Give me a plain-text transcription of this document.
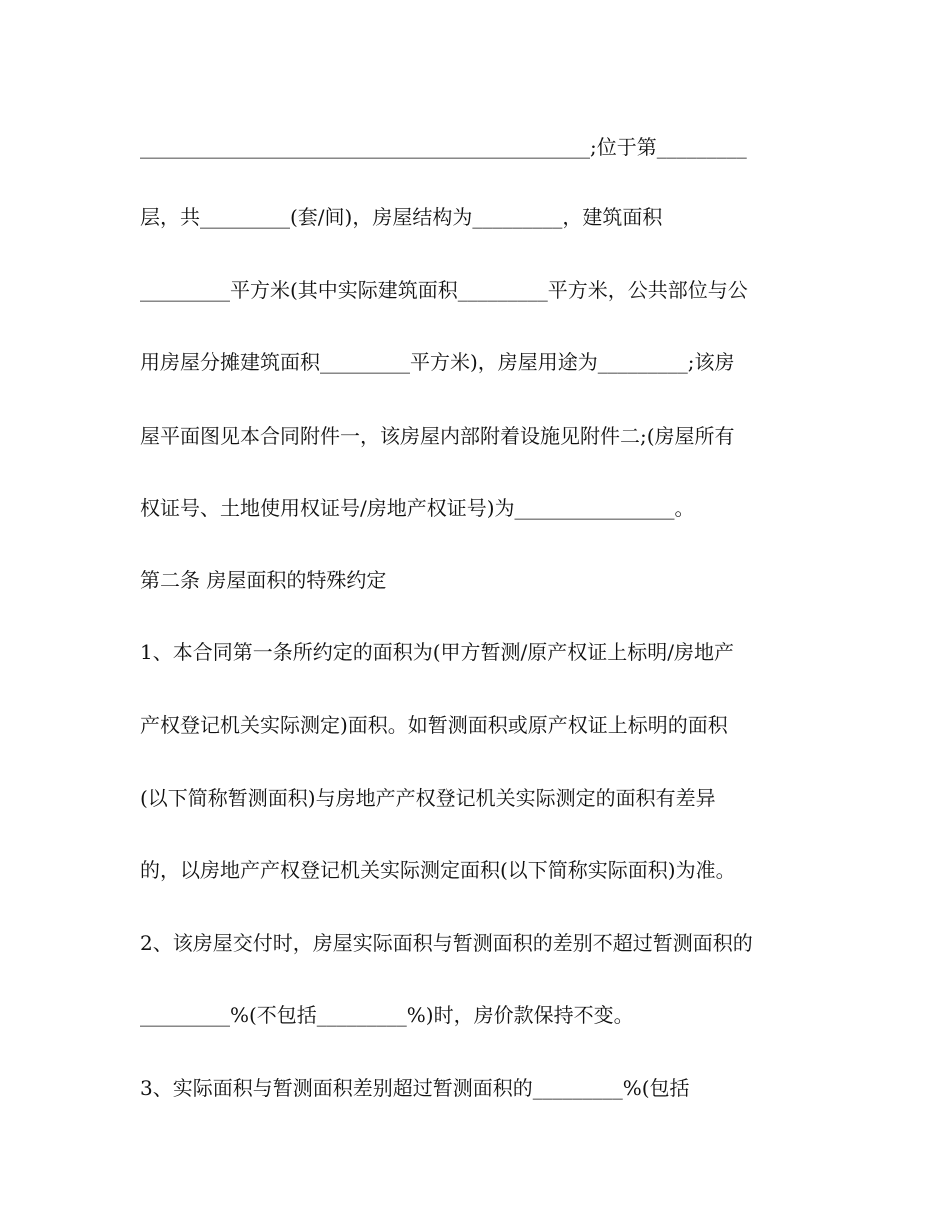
_____________________________________________;位于第_________
层，共_________(套/间)，房屋结构为_________，建筑面积
_________平方米(其中实际建筑面积_________平方米，公共部位与公
用房屋分摊建筑面积_________平方米)，房屋用途为_________;该房
屋平面图见本合同附件一，该房屋内部附着设施见附件二;(房屋所有
权证号、土地使用权证号/房地产权证号)为________________。
第二条 房屋面积的特殊约定
1、本合同第一条所约定的面积为(甲方暂测/原产权证上标明/房地产
产权登记机关实际测定)面积。如暂测面积或原产权证上标明的面积
(以下简称暂测面积)与房地产产权登记机关实际测定的面积有差异
的，以房地产产权登记机关实际测定面积(以下简称实际面积)为准。
2、该房屋交付时，房屋实际面积与暂测面积的差别不超过暂测面积的
_________%(不包括_________%)时，房价款保持不变。
3、实际面积与暂测面积差别超过暂测面积的_________%(包括
